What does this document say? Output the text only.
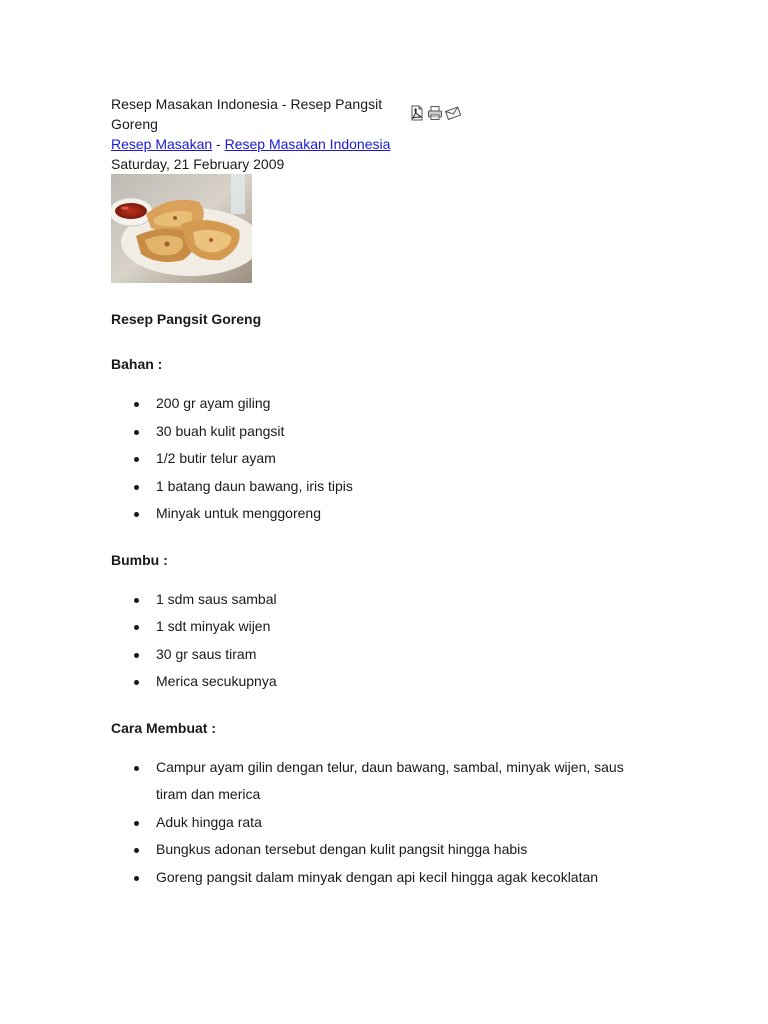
Resep Masakan Indonesia - Resep Pangsit Goreng

Resep Masakan - Resep Masakan Indonesia

Saturday, 21 February 2009

Resep Pangsit Goreng

Bahan :

200 gr ayam giling
30 buah kulit pangsit
1/2 butir telur ayam
1 batang daun bawang, iris tipis
Minyak untuk menggoreng

Bumbu :

1 sdm saus sambal
1 sdt minyak wijen
30 gr saus tiram
Merica secukupnya

Cara Membuat :

Campur ayam gilin dengan telur, daun bawang, sambal, minyak wijen, saus tiram dan merica
Aduk hingga rata
Bungkus adonan tersebut dengan kulit pangsit hingga habis
Goreng pangsit dalam minyak dengan api kecil hingga agak kecoklatan
